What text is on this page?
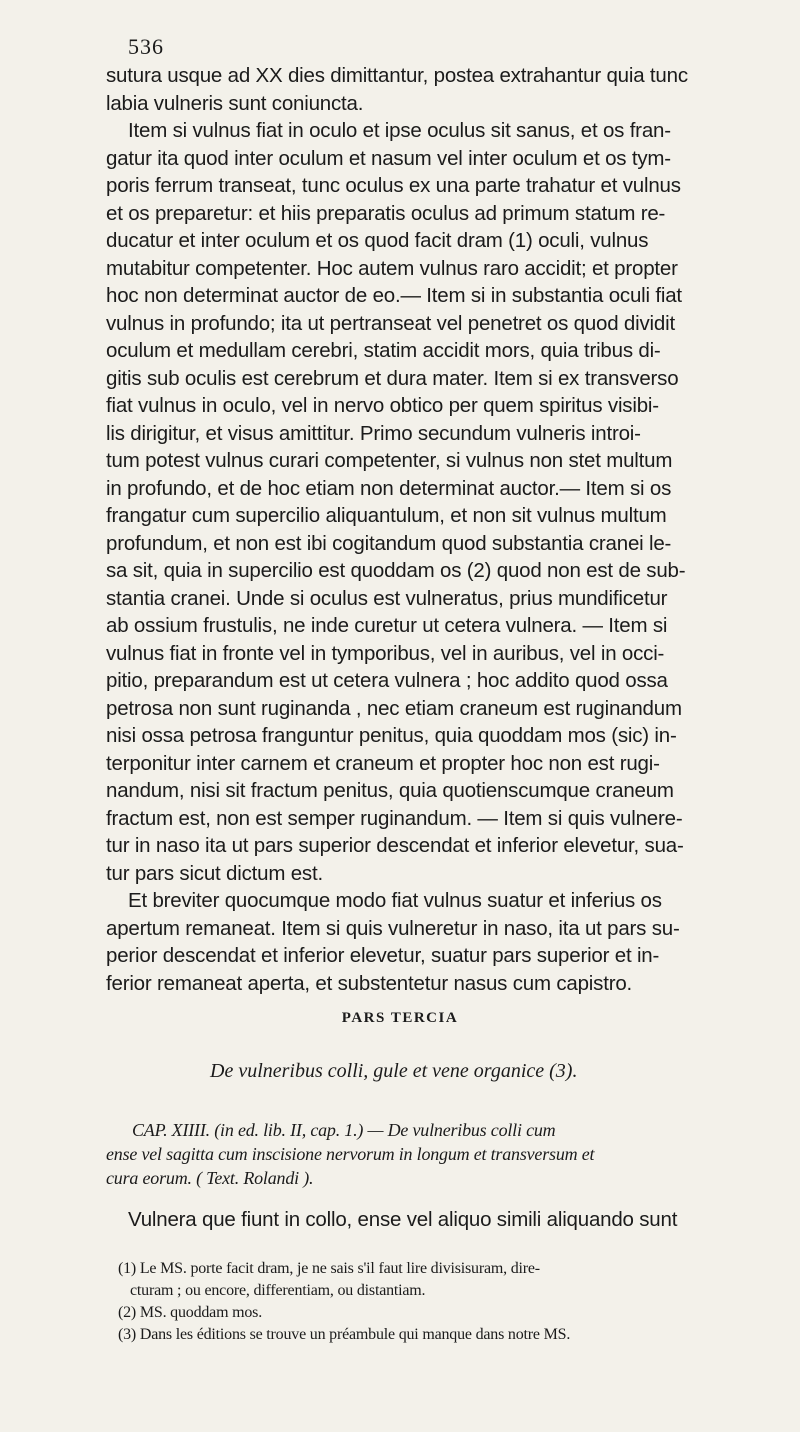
536
sutura usque ad XX dies dimittantur, postea extrahantur quia tunc
labia vulneris sunt coniuncta.
Item si vulnus fiat in oculo et ipse oculus sit sanus, et os fran-
gatur ita quod inter oculum et nasum vel inter oculum et os tym-
poris ferrum transeat, tunc oculus ex una parte trahatur et vulnus
et os preparetur: et hiis preparatis oculus ad primum statum re-
ducatur et inter oculum et os quod facit dram (1) oculi, vulnus
mutabitur competenter. Hoc autem vulnus raro accidit; et propter
hoc non determinat auctor de eo.— Item si in substantia oculi fiat
vulnus in profundo; ita ut pertranseat vel penetret os quod dividit
oculum et medullam cerebri, statim accidit mors, quia tribus di-
gitis sub oculis est cerebrum et dura mater. Item si ex transverso
fiat vulnus in oculo, vel in nervo obtico per quem spiritus visibi-
lis dirigitur, et visus amittitur. Primo secundum vulneris introi-
tum potest vulnus curari competenter, si vulnus non stet multum
in profundo, et de hoc etiam non determinat auctor.— Item si os
frangatur cum supercilio aliquantulum, et non sit vulnus multum
profundum, et non est ibi cogitandum quod substantia cranei le-
sa sit, quia in supercilio est quoddam os (2) quod non est de sub-
stantia cranei. Unde si oculus est vulneratus, prius mundificetur
ab ossium frustulis, ne inde curetur ut cetera vulnera. — Item si
vulnus fiat in fronte vel in tymporibus, vel in auribus, vel in occi-
pitio, preparandum est ut cetera vulnera ; hoc addito quod ossa
petrosa non sunt ruginanda , nec etiam craneum est ruginandum
nisi ossa petrosa franguntur penitus, quia quoddam mos (sic) in-
terponitur inter carnem et craneum et propter hoc non est rugi-
nandum, nisi sit fractum penitus, quia quotienscumque craneum
fractum est, non est semper ruginandum. — Item si quis vulnere-
tur in naso ita ut pars superior descendat et inferior elevetur, sua-
tur pars sicut dictum est.
Et breviter quocumque modo fiat vulnus suatur et inferius os
apertum remaneat. Item si quis vulneretur in naso, ita ut pars su-
perior descendat et inferior elevetur, suatur pars superior et in-
ferior remaneat aperta, et substentetur nasus cum capistro.
PARS TERCIA
De vulneribus colli, gule et vene organice (3).
CAP. XIIII. (in ed. lib. II, cap. 1.) — De vulneribus colli cum
ense vel sagitta cum inscisione nervorum in longum et transversum et
cura eorum. ( Text. Rolandi ).
Vulnera que fiunt in collo, ense vel aliquo simili aliquando sunt
(1) Le MS. porte facit dram, je ne sais s'il faut lire divisisuram, dire-
cturam ; ou encore, differentiam, ou distantiam.
(2) MS. quoddam mos.
(3) Dans les éditions se trouve un préambule qui manque dans notre MS.
